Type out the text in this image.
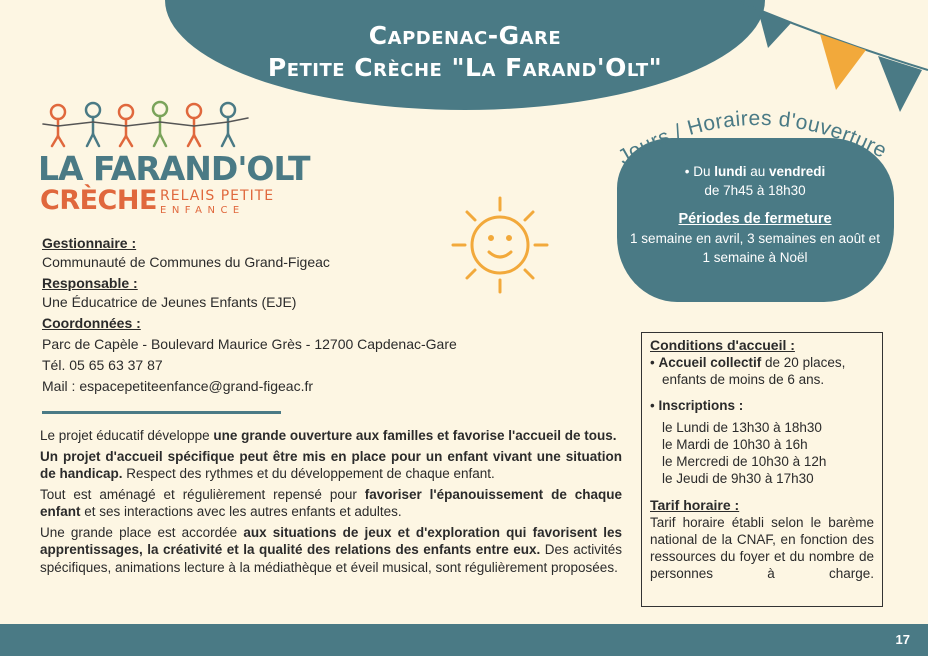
Capdenac-Gare
Petite Crèche "La Farand'Olt"
LA FARAND'OLT
CRÈCHE RELAIS PETITE
ENFANCE
Gestionnaire :
Communauté de Communes du Grand-Figeac
Responsable :
Une Éducatrice de Jeunes Enfants (EJE)
Coordonnées :
Parc de Capèle - Boulevard Maurice Grès - 12700 Capdenac-Gare
Tél. 05 65 63 37 87
Mail : espacepetiteenfance@grand-figeac.fr

Le projet éducatif développe une grande ouverture aux familles et favorise l'accueil de tous.

Un projet d'accueil spécifique peut être mis en place pour un enfant vivant une situation de handicap. Respect des rythmes et du développement de chaque enfant.

Tout est aménagé et régulièrement repensé pour favoriser l'épanouissement de chaque enfant et ses interactions avec les autres enfants et adultes.

Une grande place est accordée aux situations de jeux et d'exploration qui favorisent les apprentissages, la créativité et la qualité des relations des enfants entre eux. Des activités spécifiques, animations lecture à la médiathèque et éveil musical, sont régulièrement proposées.

Jours / Horaires d'ouverture
• Du lundi au vendredi
de 7h45 à 18h30
Périodes de fermeture
1 semaine en avril, 3 semaines en août et 1 semaine à Noël
Conditions d'accueil :
• Accueil collectif de 20 places, enfants de moins de 6 ans.
• Inscriptions :
le Lundi de 13h30 à 18h30
le Mardi de 10h30 à 16h
le Mercredi de 10h30 à 12h
le Jeudi de 9h30 à 17h30
Tarif horaire :
Tarif horaire établi selon le barème national de la CNAF, en fonction des ressources du foyer et du nombre de personnes à charge.
17
